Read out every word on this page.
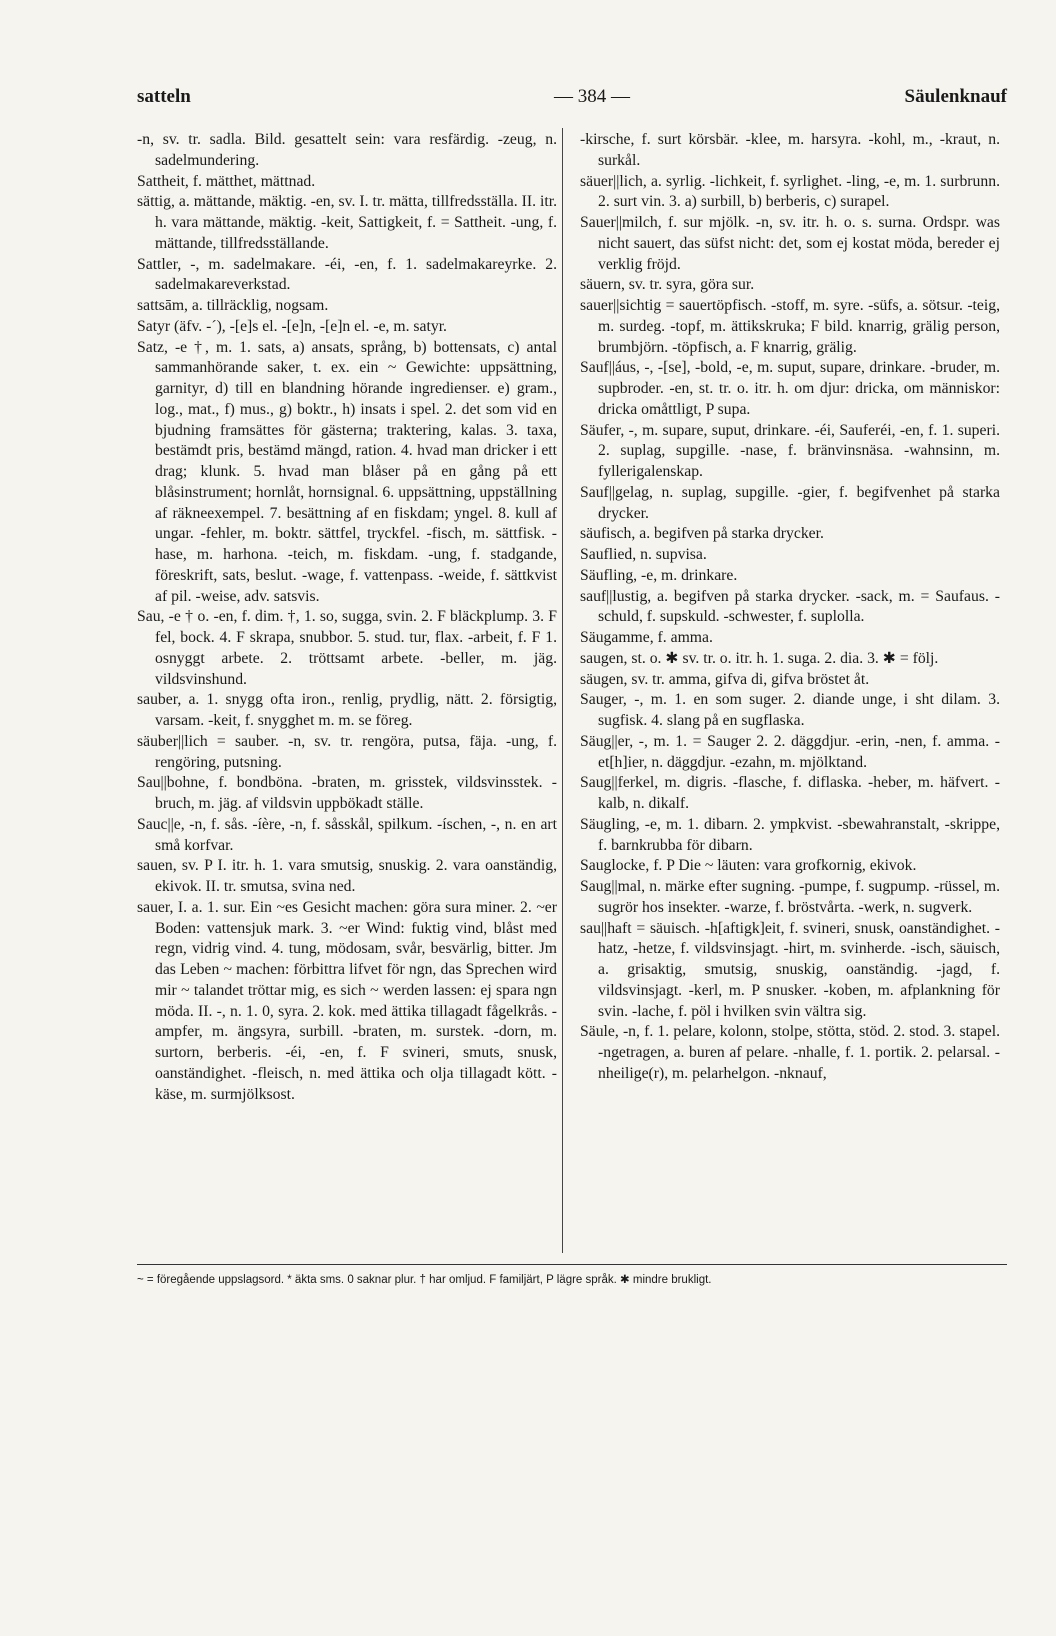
satteln	— 384 —	Säulenknauf

-n, sv. tr. sadla. Bild. gesattelt sein: vara resfärdig. -zeug, n. sadelmundering.

Sattheit, f. mätthet, mättnad.

sättig, a. mättande, mäktig. -en, sv. I. tr. mätta, tillfredsställa. II. itr. h. vara mättande, mäktig. -keit, Sattigkeit, f. = Sattheit. -ung, f. mättande, tillfredsställande.

Sattler, -, m. sadelmakare. -éi, -en, f. 1. sadelmakareyrke. 2. sadelmakareverkstad.

sattsām, a. tillräcklig, nogsam.

Satyr (äfv. -´), -[e]s el. -[e]n, -[e]n el. -e, m. satyr.

Satz, -e †, m. 1. sats, a) ansats, språng, b) bottensats, c) antal sammanhörande saker, t. ex. ein ~ Gewichte: uppsättning, garnityr, d) till en blandning hörande ingredienser. e) gram., log., mat., f) mus., g) boktr., h) insats i spel. 2. det som vid en bjudning framsättes för gästerna; traktering, kalas. 3. taxa, bestämdt pris, bestämd mängd, ration. 4. hvad man dricker i ett drag; klunk. 5. hvad man blåser på en gång på ett blåsinstrument; hornlåt, hornsignal. 6. uppsättning, uppställning af räkneexempel. 7. besättning af en fiskdam; yngel. 8. kull af ungar. -fehler, m. boktr. sättfel, tryckfel. -fisch, m. sättfisk. -hase, m. harhona. -teich, m. fiskdam. -ung, f. stadgande, föreskrift, sats, beslut. -wage, f. vattenpass. -weide, f. sättkvist af pil. -weise, adv. satsvis.

Sau, -e † o. -en, f. dim. †, 1. so, sugga, svin. 2. F bläckplump. 3. F fel, bock. 4. F skrapa, snubbor. 5. stud. tur, flax. -arbeit, f. F 1. osnyggt arbete. 2. tröttsamt arbete. -beller, m. jäg. vildsvinshund.

sauber, a. 1. snygg ofta iron., renlig, prydlig, nätt. 2. försigtig, varsam. -keit, f. snygghet m. m. se föreg.

säuber||lich = sauber. -n, sv. tr. rengöra, putsa, fäja. -ung, f. rengöring, putsning.

Sau||bohne, f. bondböna. -braten, m. grisstek, vildsvinsstek. -bruch, m. jäg. af vildsvin uppbökadt ställe.

Sauc||e, -n, f. sås. -íère, -n, f. såsskål, spilkum. -íschen, -, n. en art små korfvar.

sauen, sv. P I. itr. h. 1. vara smutsig, snuskig. 2. vara oanständig, ekivok. II. tr. smutsa, svina ned.

sauer, I. a. 1. sur. Ein ~es Gesicht machen: göra sura miner. 2. ~er Boden: vattensjuk mark. 3. ~er Wind: fuktig vind, blåst med regn, vidrig vind. 4. tung, mödosam, svår, besvärlig, bitter. Jm das Leben ~ machen: förbittra lifvet för ngn, das Sprechen wird mir ~ talandet tröttar mig, es sich ~ werden lassen: ej spara ngn möda. II. -, n. 1. 0, syra. 2. kok. med ättika tillagadt fågelkrås. -ampfer, m. ängsyra, surbill. -braten, m. surstek. -dorn, m. surtorn, berberis. -éi, -en, f. F svineri, smuts, snusk, oanständighet. -fleisch, n. med ättika och olja tillagadt kött. -käse, m. surmjölksost.

-kirsche, f. surt körsbär. -klee, m. harsyra. -kohl, m., -kraut, n. surkål.

säuer||lich, a. syrlig. -lichkeit, f. syrlighet. -ling, -e, m. 1. surbrunn. 2. surt vin. 3. a) surbill, b) berberis, c) surapel.

Sauer||milch, f. sur mjölk. -n, sv. itr. h. o. s. surna. Ordspr. was nicht sauert, das süfst nicht: det, som ej kostat möda, bereder ej verklig fröjd.

säuern, sv. tr. syra, göra sur.

sauer||sichtig = sauertöpfisch. -stoff, m. syre. -süfs, a. sötsur. -teig, m. surdeg. -topf, m. ättikskruka; F bild. knarrig, grälig person, brumbjörn. -töpfisch, a. F knarrig, grälig.

Sauf||áus, -, -[se], -bold, -e, m. suput, supare, drinkare. -bruder, m. supbroder. -en, st. tr. o. itr. h. om djur: dricka, om människor: dricka omåttligt, P supa.

Säufer, -, m. supare, suput, drinkare. -éi, Sauferéi, -en, f. 1. superi. 2. suplag, supgille. -nase, f. bränvinsnäsa. -wahnsinn, m. fyllerigalenskap.

Sauf||gelag, n. suplag, supgille. -gier, f. begifvenhet på starka drycker.

säufisch, a. begifven på starka drycker.

Sauflied, n. supvisa.

Säufling, -e, m. drinkare.

sauf||lustig, a. begifven på starka drycker. -sack, m. = Saufaus. -schuld, f. supskuld. -schwester, f. suplolla.

Säugamme, f. amma.

saugen, st. o. ✱ sv. tr. o. itr. h. 1. suga. 2. dia. 3. ✱ = följ.

säugen, sv. tr. amma, gifva di, gifva bröstet åt.

Sauger, -, m. 1. en som suger. 2. diande unge, i sht dilam. 3. sugfisk. 4. slang på en sugflaska.

Säug||er, -, m. 1. = Sauger 2. 2. däggdjur. -erin, -nen, f. amma. -et[h]ier, n. däggdjur. -ezahn, m. mjölktand.

Saug||ferkel, m. digris. -flasche, f. diflaska. -heber, m. häfvert. -kalb, n. dikalf.

Säugling, -e, m. 1. dibarn. 2. ympkvist. -sbewahranstalt, -skrippe, f. barnkrubba för dibarn.

Sauglocke, f. P Die ~ läuten: vara grofkornig, ekivok.

Saug||mal, n. märke efter sugning. -pumpe, f. sugpump. -rüssel, m. sugrör hos insekter. -warze, f. bröstvårta. -werk, n. sugverk.

sau||haft = säuisch. -h[aftigk]eit, f. svineri, snusk, oanständighet. -hatz, -hetze, f. vildsvinsjagt. -hirt, m. svinherde. -isch, säuisch, a. grisaktig, smutsig, snuskig, oanständig. -jagd, f. vildsvinsjagt. -kerl, m. P snusker. -koben, m. afplankning för svin. -lache, f. pöl i hvilken svin vältra sig.

Säule, -n, f. 1. pelare, kolonn, stolpe, stötta, stöd. 2. stod. 3. stapel. -ngetragen, a. buren af pelare. -nhalle, f. 1. portik. 2. pelarsal. -nheilige(r), m. pelarhelgon. -nknauf,

~ = föregående uppslagsord. * äkta sms. 0 saknar plur. † har omljud. F familjärt, P lägre språk. ✱ mindre brukligt.
